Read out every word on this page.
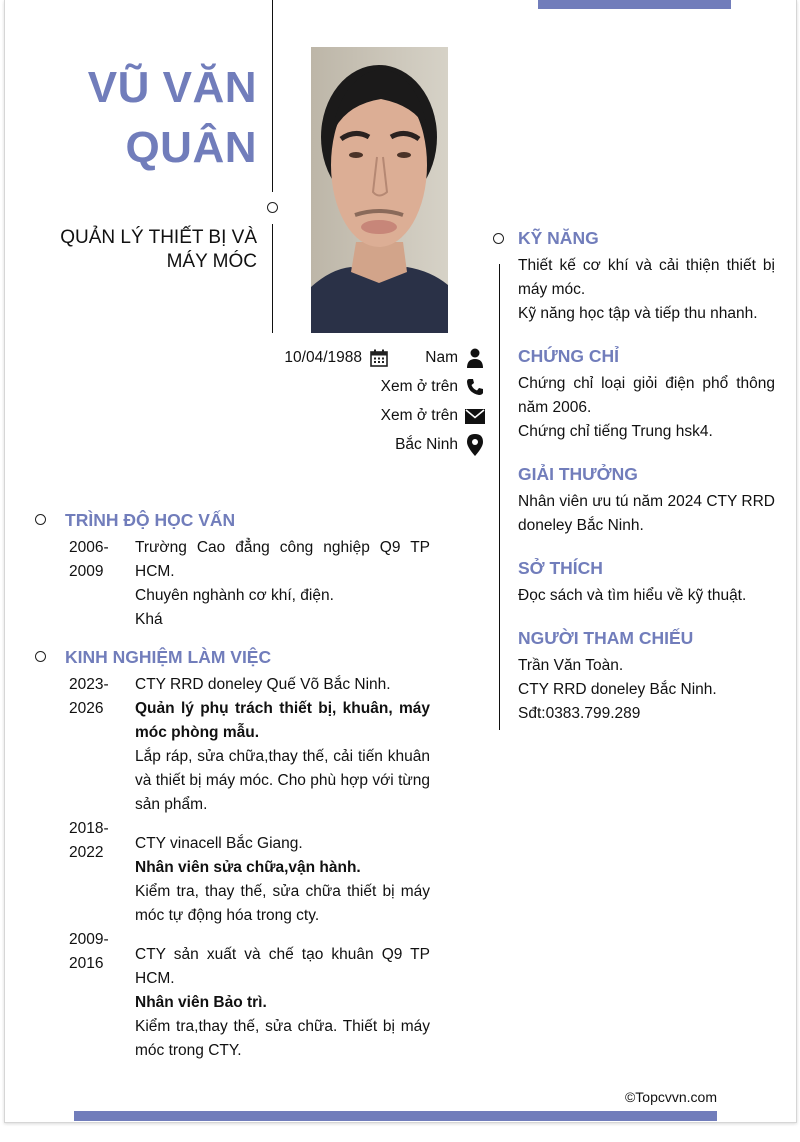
VŨ VĂN
QUÂN
QUẢN LÝ THIẾT BỊ VÀ
MÁY MÓC
10/04/1988	Nam
Xem ở trên
Xem ở trên
Bắc Ninh
TRÌNH ĐỘ HỌC VẤN
2006-
2009
Trường Cao đẳng công nghiệp Q9 TP HCM.
Chuyên nghành cơ khí, điện.
Khá
KINH NGHIỆM LÀM VIỆC
2023-
2026
CTY RRD doneley Quế Võ Bắc Ninh.
Quản lý phụ trách thiết bị, khuân, máy móc phòng mẫu.
Lắp ráp, sửa chữa,thay thế, cải tiến khuân và thiết bị máy móc. Cho phù hợp với từng sản phẩm.
2018-
2022
CTY vinacell Bắc Giang.
Nhân viên sửa chữa,vận hành.
Kiểm tra, thay thế, sửa chữa thiết bị máy móc tự động hóa trong cty.
2009-
2016
CTY sản xuất và chế tạo khuân Q9 TP HCM.
Nhân viên Bảo trì.
Kiểm tra,thay thế, sửa chữa. Thiết bị máy móc trong CTY.
KỸ NĂNG
Thiết kế cơ khí và cải thiện thiết bị máy móc.
Kỹ năng học tập và tiếp thu nhanh.
CHỨNG CHỈ
Chứng chỉ loại giỏi điện phổ thông năm 2006.
Chứng chỉ tiếng Trung hsk4.
GIẢI THƯỞNG
Nhân viên ưu tú năm 2024 CTY RRD doneley Bắc Ninh.
SỞ THÍCH
Đọc sách và tìm hiểu về kỹ thuật.
NGƯỜI THAM CHIẾU
Trần Văn Toàn.
CTY RRD doneley Bắc Ninh.
Sđt:0383.799.289
©Topcvvn.com
